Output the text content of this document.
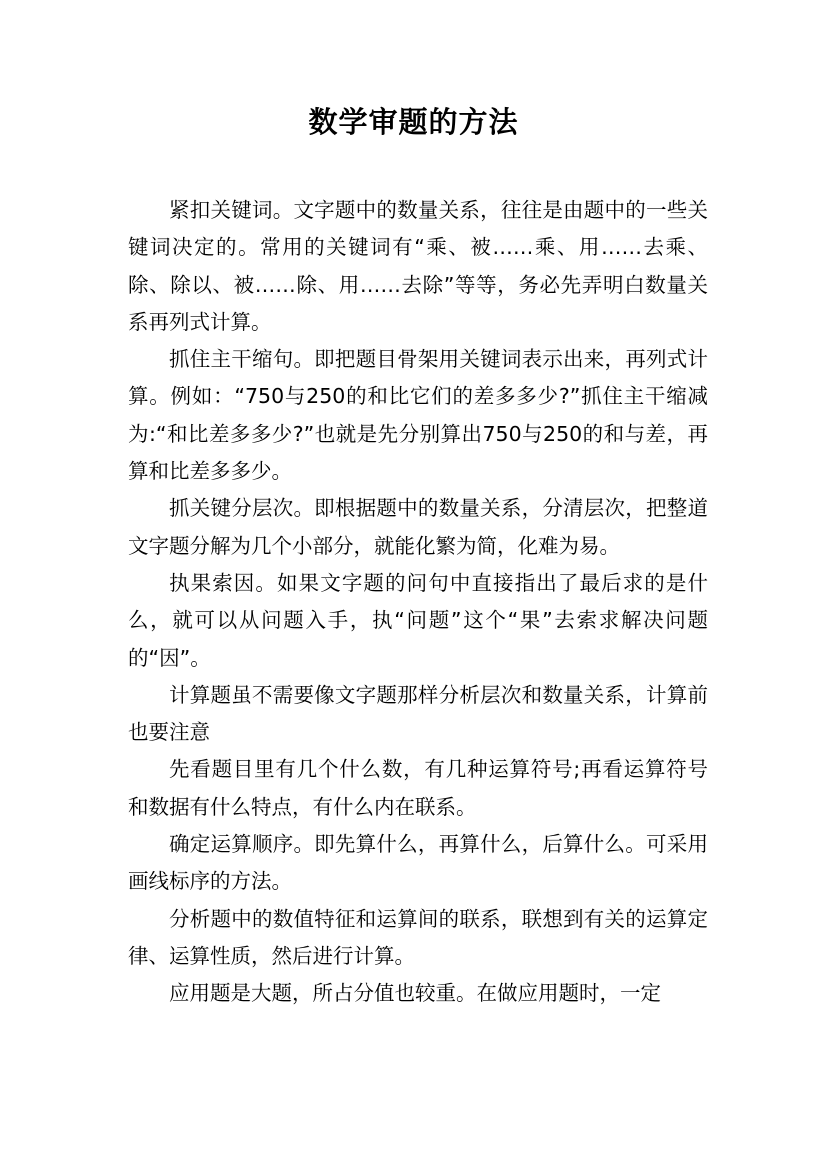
数学审题的方法

紧扣关键词。文字题中的数量关系，往往是由题中的一些关键词决定的。常用的关键词有“乘、被……乘、用……去乘、除、除以、被……除、用……去除”等等，务必先弄明白数量关系再列式计算。

抓住主干缩句。即把题目骨架用关键词表示出来，再列式计算。例如：“750与250的和比它们的差多多少?”抓住主干缩减为:“和比差多多少?”也就是先分别算出750与250的和与差，再算和比差多多少。

抓关键分层次。即根据题中的数量关系，分清层次，把整道文字题分解为几个小部分，就能化繁为简，化难为易。

执果索因。如果文字题的问句中直接指出了最后求的是什么，就可以从问题入手，执“问题”这个“果”去索求解决问题的“因”。

计算题虽不需要像文字题那样分析层次和数量关系，计算前也要注意

先看题目里有几个什么数，有几种运算符号;再看运算符号和数据有什么特点，有什么内在联系。

确定运算顺序。即先算什么，再算什么，后算什么。可采用画线标序的方法。

分析题中的数值特征和运算间的联系，联想到有关的运算定律、运算性质，然后进行计算。

应用题是大题，所占分值也较重。在做应用题时，一定
